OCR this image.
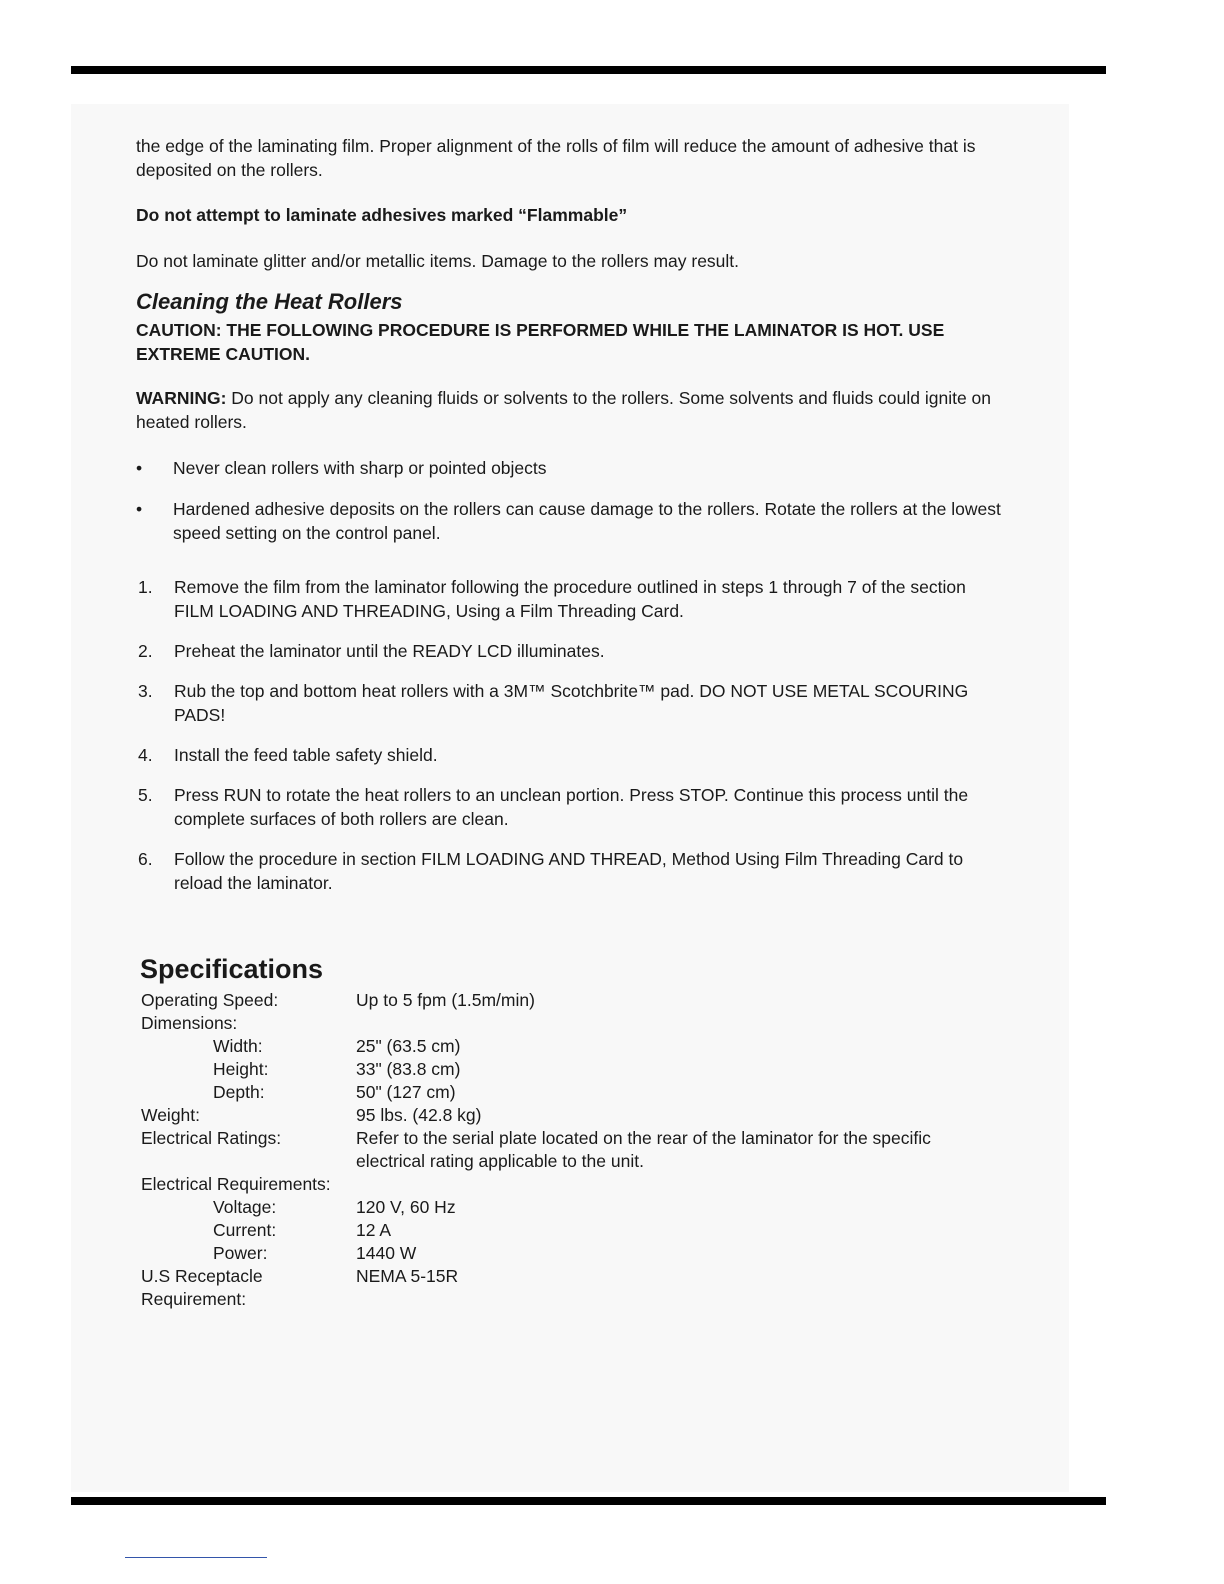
the edge of the laminating film. Proper alignment of the rolls of film will reduce the amount of adhesive that is deposited on the rollers.

Do not attempt to laminate adhesives marked “Flammable”

Do not laminate glitter and/or metallic items. Damage to the rollers may result.

Cleaning the Heat Rollers

CAUTION: THE FOLLOWING PROCEDURE IS PERFORMED WHILE THE LAMINATOR IS HOT. USE EXTREME CAUTION.

WARNING: Do not apply any cleaning fluids or solvents to the rollers. Some solvents and fluids could ignite on heated rollers.

• Never clean rollers with sharp or pointed objects
• Hardened adhesive deposits on the rollers can cause damage to the rollers. Rotate the rollers at the lowest speed setting on the control panel.
1. Remove the film from the laminator following the procedure outlined in steps 1 through 7 of the section FILM LOADING AND THREADING, Using a Film Threading Card.
2. Preheat the laminator until the READY LCD illuminates.
3. Rub the top and bottom heat rollers with a 3M™ Scotchbrite™ pad. DO NOT USE METAL SCOURING PADS!
4. Install the feed table safety shield.
5. Press RUN to rotate the heat rollers to an unclean portion. Press STOP. Continue this process until the complete surfaces of both rollers are clean.
6. Follow the procedure in section FILM LOADING AND THREAD, Method Using Film Threading Card to reload the laminator.
Specifications
Operating Speed:	Up to 5 fpm (1.5m/min)
Dimensions:
Width:	25" (63.5 cm)
Height:	33" (83.8 cm)
Depth:	50" (127 cm)
Weight:	95 lbs. (42.8 kg)
Electrical Ratings:	Refer to the serial plate located on the rear of the laminator for the specific electrical rating applicable to the unit.
Electrical Requirements:
Voltage:	120 V, 60 Hz
Current:	12 A
Power:	1440 W
U.S Receptacle Requirement:
NEMA 5-15R
